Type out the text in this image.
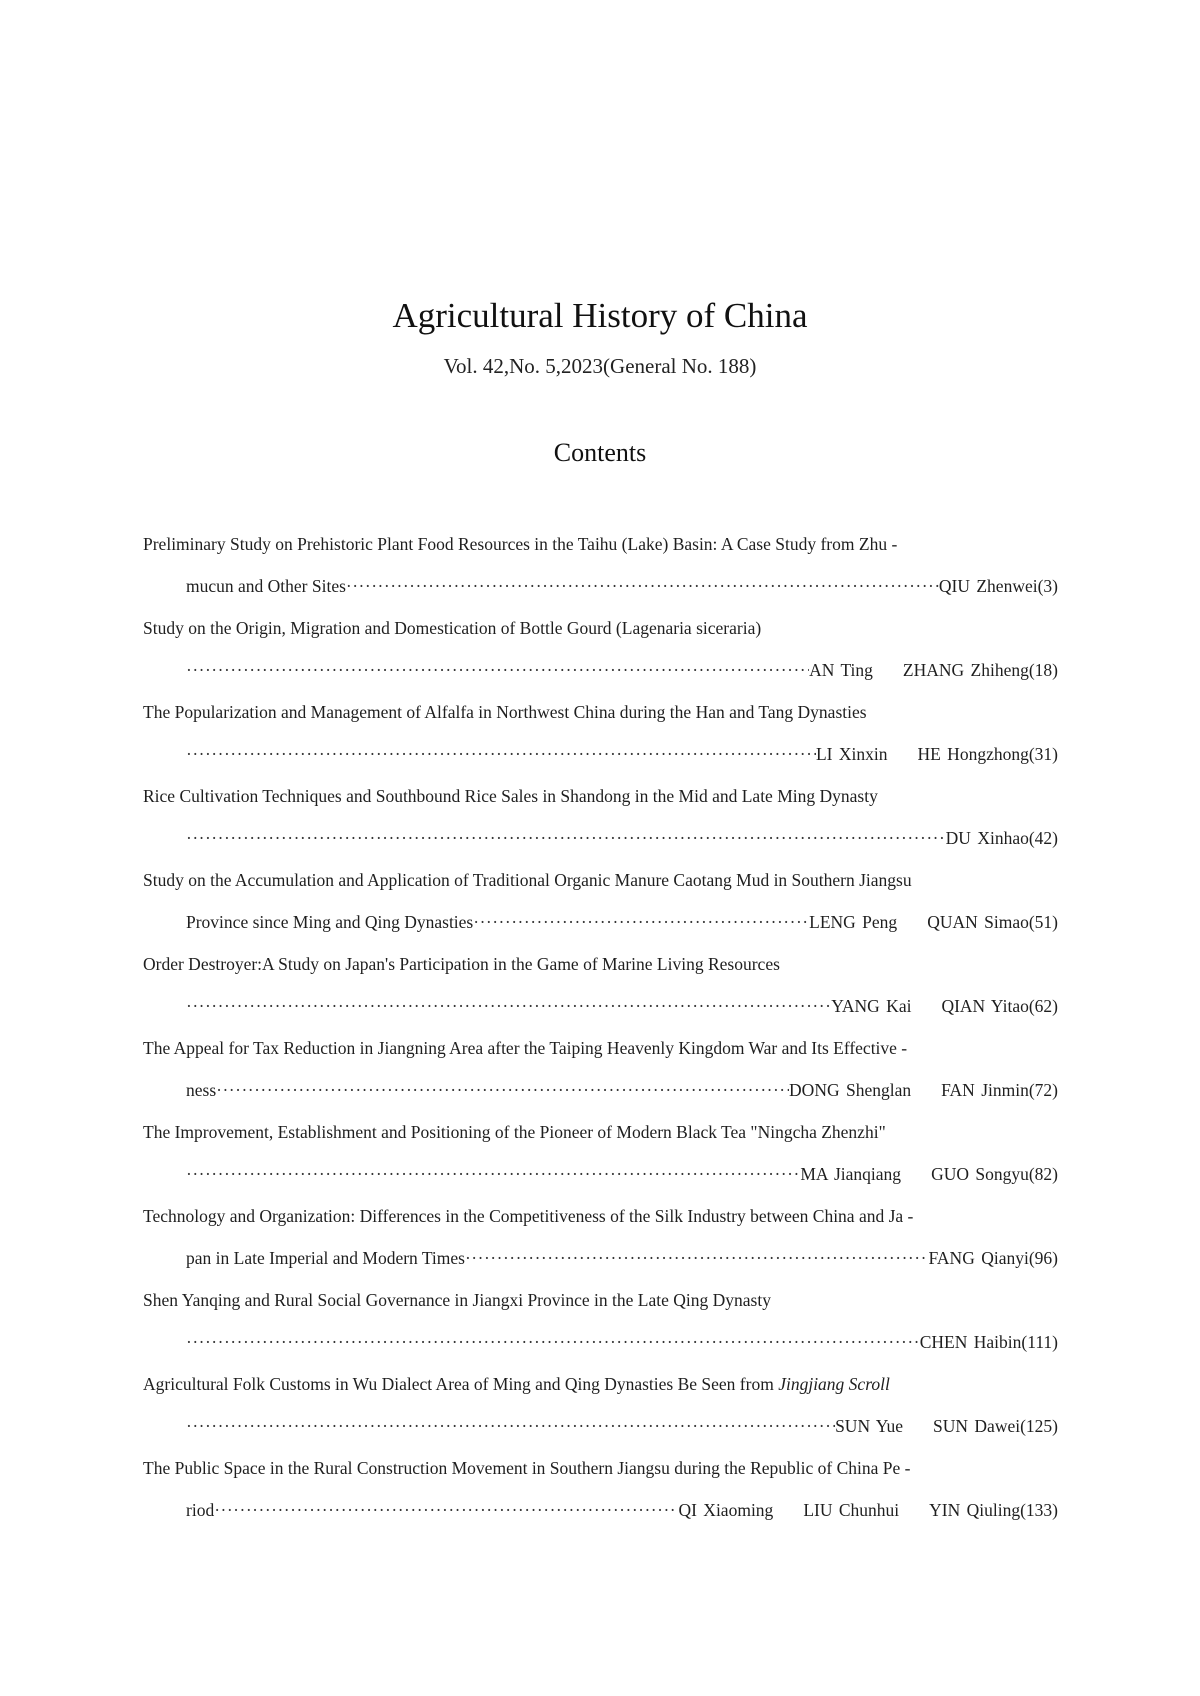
Agricultural History of China
Vol. 42,No. 5,2023(General No. 188)
Contents
Preliminary Study on Prehistoric Plant Food Resources in the Taihu (Lake) Basin: A Case Study from Zhu -
mucun and Other Sites ·····	QIU Zhenwei (3)
Study on the Origin, Migration and Domestication of Bottle Gourd (Lagenaria siceraria)
·····
AN Ting ZHANG Zhiheng (18)
The Popularization and Management of Alfalfa in Northwest China during the Han and Tang Dynasties
·····
LI Xinxin HE Hongzhong (31)
Rice Cultivation Techniques and Southbound Rice Sales in Shandong in the Mid and Late Ming Dynasty
·····
DU Xinhao (42)
Study on the Accumulation and Application of Traditional Organic Manure Caotang Mud in Southern Jiangsu
Province since Ming and Qing Dynasties ·····	LENG Peng QUAN Simao (51)
Order Destroyer:A Study on Japan's Participation in the Game of Marine Living Resources
·····
YANG Kai QIAN Yitao (62)
The Appeal for Tax Reduction in Jiangning Area after the Taiping Heavenly Kingdom War and Its Effective -
ness ·····	DONG Shenglan FAN Jinmin (72)
The Improvement, Establishment and Positioning of the Pioneer of Modern Black Tea "Ningcha Zhenzhi"
·····
MA Jianqiang GUO Songyu (82)
Technology and Organization: Differences in the Competitiveness of the Silk Industry between China and Ja -
pan in Late Imperial and Modern Times ·····	FANG Qianyi (96)
Shen Yanqing and Rural Social Governance in Jiangxi Province in the Late Qing Dynasty
·····
CHEN Haibin (111)
Agricultural Folk Customs in Wu Dialect Area of Ming and Qing Dynasties Be Seen from Jingjiang Scroll
·····
SUN Yue SUN Dawei (125)
The Public Space in the Rural Construction Movement in Southern Jiangsu during the Republic of China Pe -
riod ·····	QI Xiaoming LIU Chunhui YIN Qiuling (133)
